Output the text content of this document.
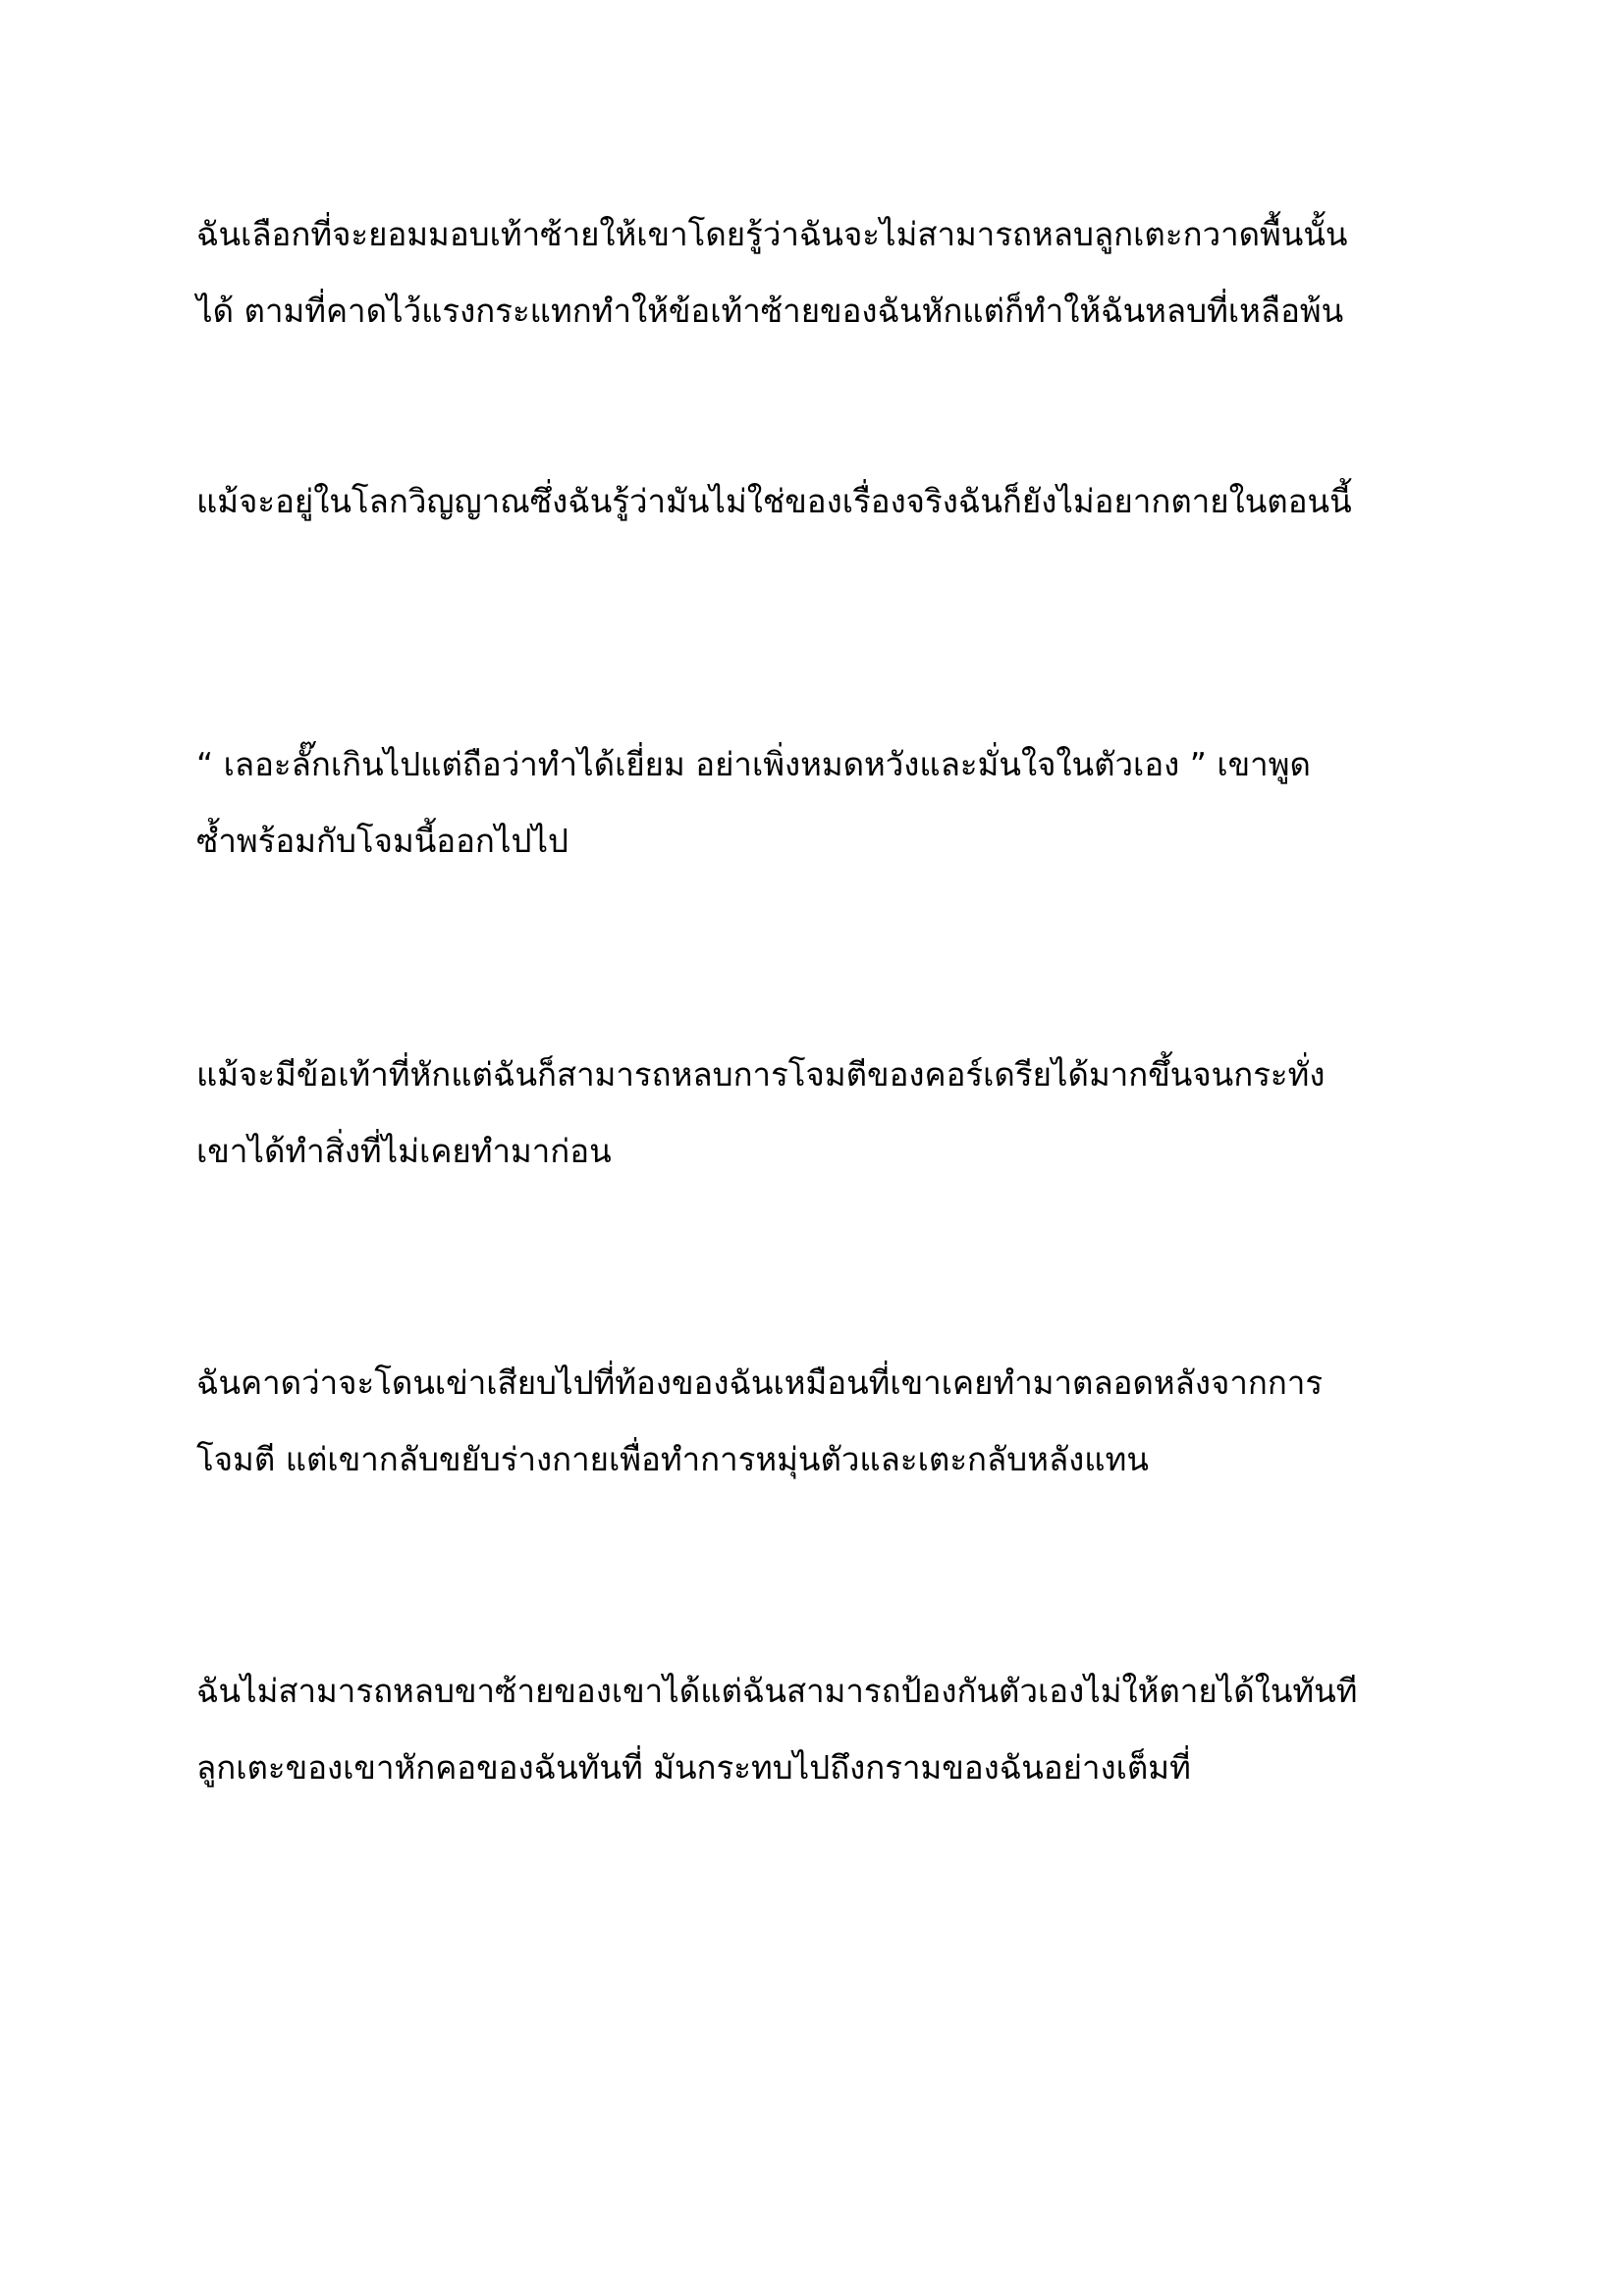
ฉันเลือกที่จะยอมมอบเท้าซ้ายให้เขาโดยรู้ว่าฉันจะไม่สามารถหลบลูกเตะกวาดพื้นนั้น
ได้ ตามที่คาดไว้แรงกระแทกทำให้ข้อเท้าซ้ายของฉันหักแต่ก็ทำให้ฉันหลบที่เหลือพ้น
แม้จะอยู่ในโลกวิญญาณซึ่งฉันรู้ว่ามันไม่ใช่ของเรื่องจริงฉันก็ยังไม่อยากตายในตอนนี้
“ เลอะลั๊กเกินไปแต่ถือว่าทำได้เยี่ยม อย่าเพิ่งหมดหวังและมั่นใจในตัวเอง ” เขาพูด
ซ้ำพร้อมกับโจมนี้ออกไปไป
แม้จะมีข้อเท้าที่หักแต่ฉันก็สามารถหลบการโจมตีของคอร์เดรียได้มากขึ้นจนกระทั่ง
เขาได้ทำสิ่งที่ไม่เคยทำมาก่อน
ฉันคาดว่าจะโดนเข่าเสียบไปที่ท้องของฉันเหมือนที่เขาเคยทำมาตลอดหลังจากการ
โจมตี แต่เขากลับขยับร่างกายเพื่อทำการหมุ่นตัวและเตะกลับหลังแทน
ฉันไม่สามารถหลบขาซ้ายของเขาได้แต่ฉันสามารถป้องกันตัวเองไม่ให้ตายได้ในทันที
ลูกเตะของเขาหักคอของฉันทันที่ มันกระทบไปถึงกรามของฉันอย่างเต็มที่
